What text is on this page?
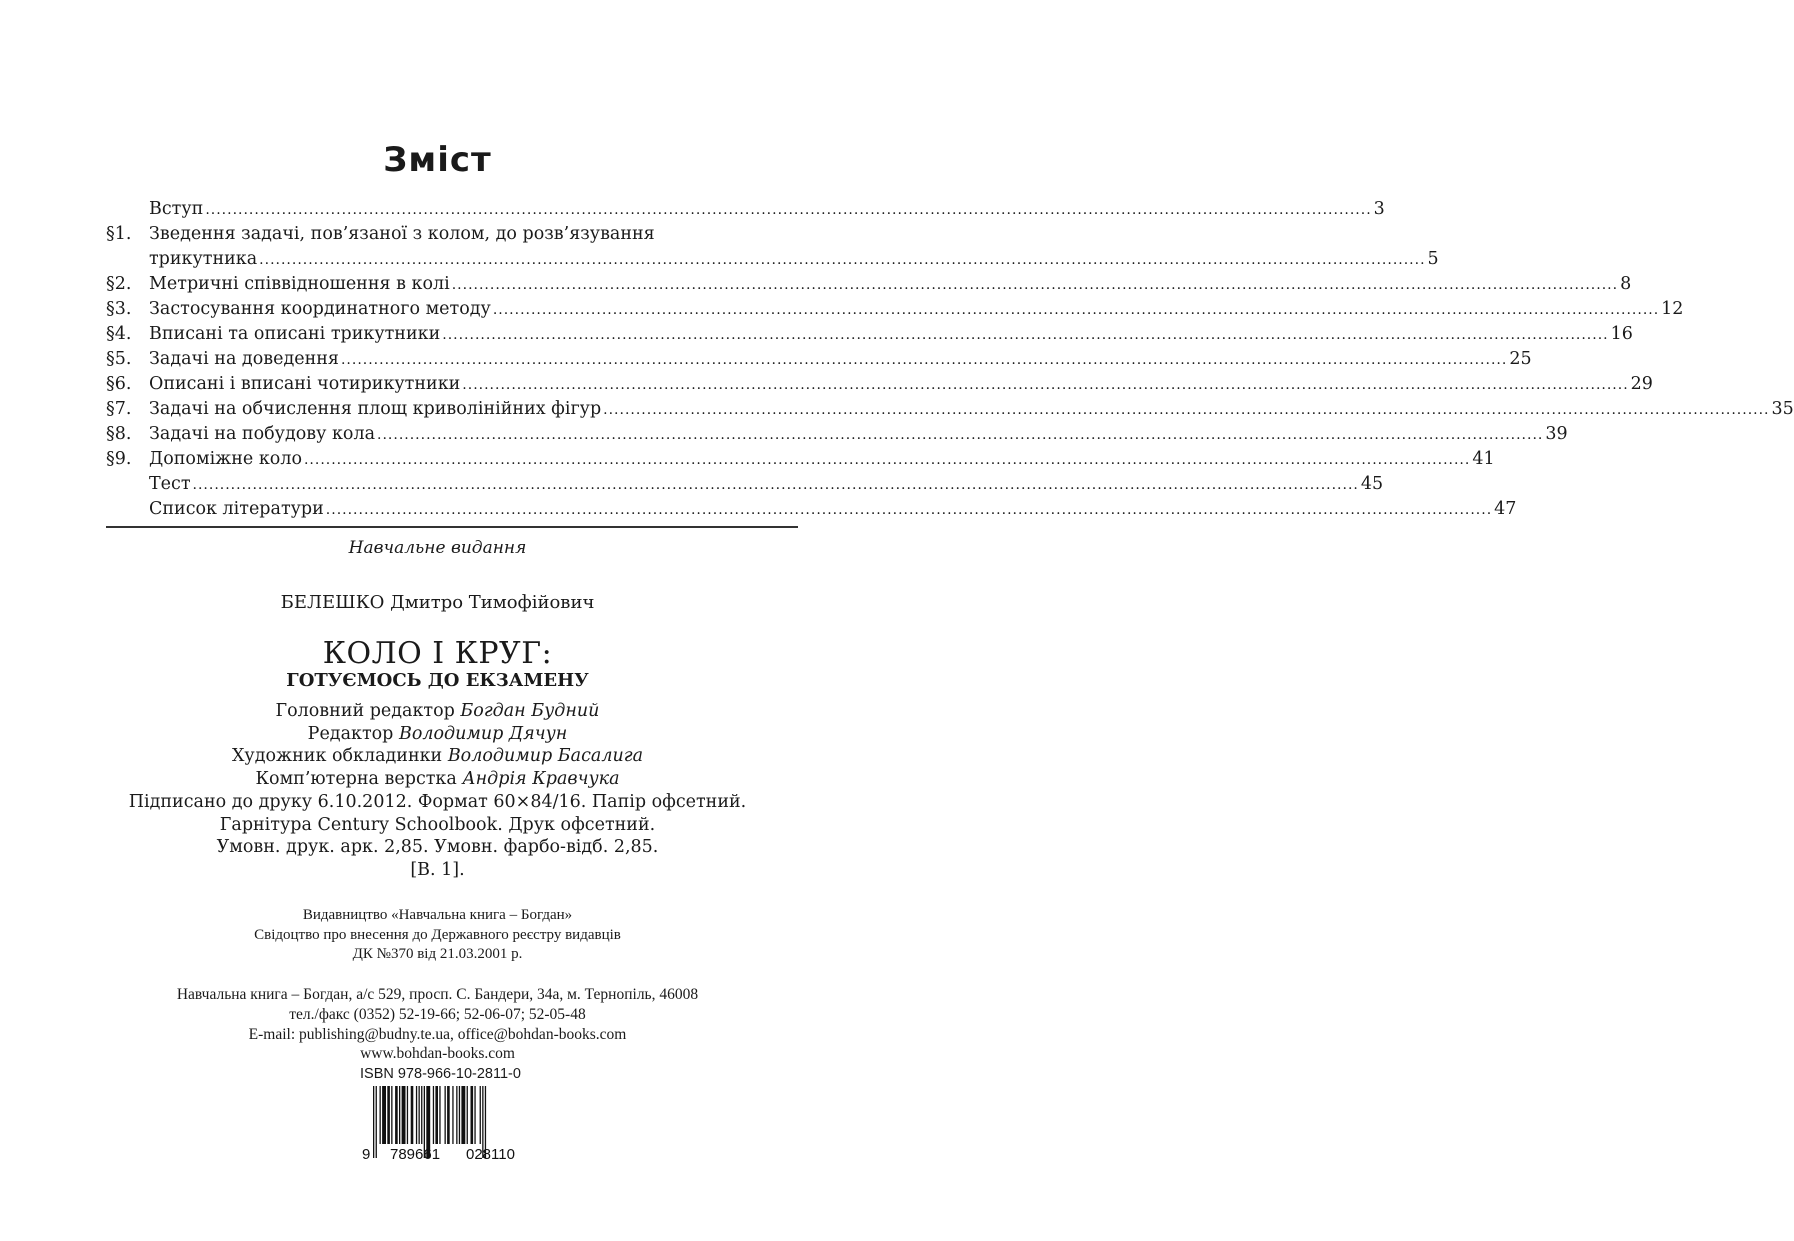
Зміст
Вступ ...................................................................................................................................................................................................................... 3
§1. Зведення задачі, пов’язаної з колом, до розв’язування
трикутника ...................................................................................................................................................................................................................... 5
§2. Метричні співвідношення в колі ...................................................................................................................................................................................................................... 8
§3. Застосування координатного методу ...................................................................................................................................................................................................................... 12
§4. Вписані та описані трикутники ...................................................................................................................................................................................................................... 16
§5. Задачі на доведення ...................................................................................................................................................................................................................... 25
§6. Описані і вписані чотирикутники ...................................................................................................................................................................................................................... 29
§7. Задачі на обчислення площ криволінійних фігур ...................................................................................................................................................................................................................... 35
§8. Задачі на побудову кола ...................................................................................................................................................................................................................... 39
§9. Допоміжне коло ...................................................................................................................................................................................................................... 41
Тест ...................................................................................................................................................................................................................... 45
Список літератури ...................................................................................................................................................................................................................... 47
Навчальне видання
БЕЛЕШКО Дмитро Тимофійович
КОЛО І КРУГ:
ГОТУЄМОСЬ ДО ЕКЗАМЕНУ
Головний редактор Богдан Будний
Редактор Володимир Дячун
Художник обкладинки Володимир Басалига
Комп’ютерна верстка Андрія Кравчука
Підписано до друку 6.10.2012. Формат 60×84/16. Папір офсетний.
Гарнітура Century Schoolbook. Друк офсетний.
Умовн. друк. арк. 2,85. Умовн. фарбо-відб. 2,85.
[В. 1].
Видавництво «Навчальна книга – Богдан»
Свідоцтво про внесення до Державного реєстру видавців
ДК №370 від 21.03.2001 р.
Навчальна книга – Богдан, а/с 529, просп. С. Бандери, 34а, м. Тернопіль, 46008
тел./факс (0352) 52-19-66; 52-06-07; 52-05-48
E-mail: publishing@budny.te.ua, office@bohdan-books.com
www.bohdan-books.com
ISBN 978-966-10-2811-0
9 789661 028110
